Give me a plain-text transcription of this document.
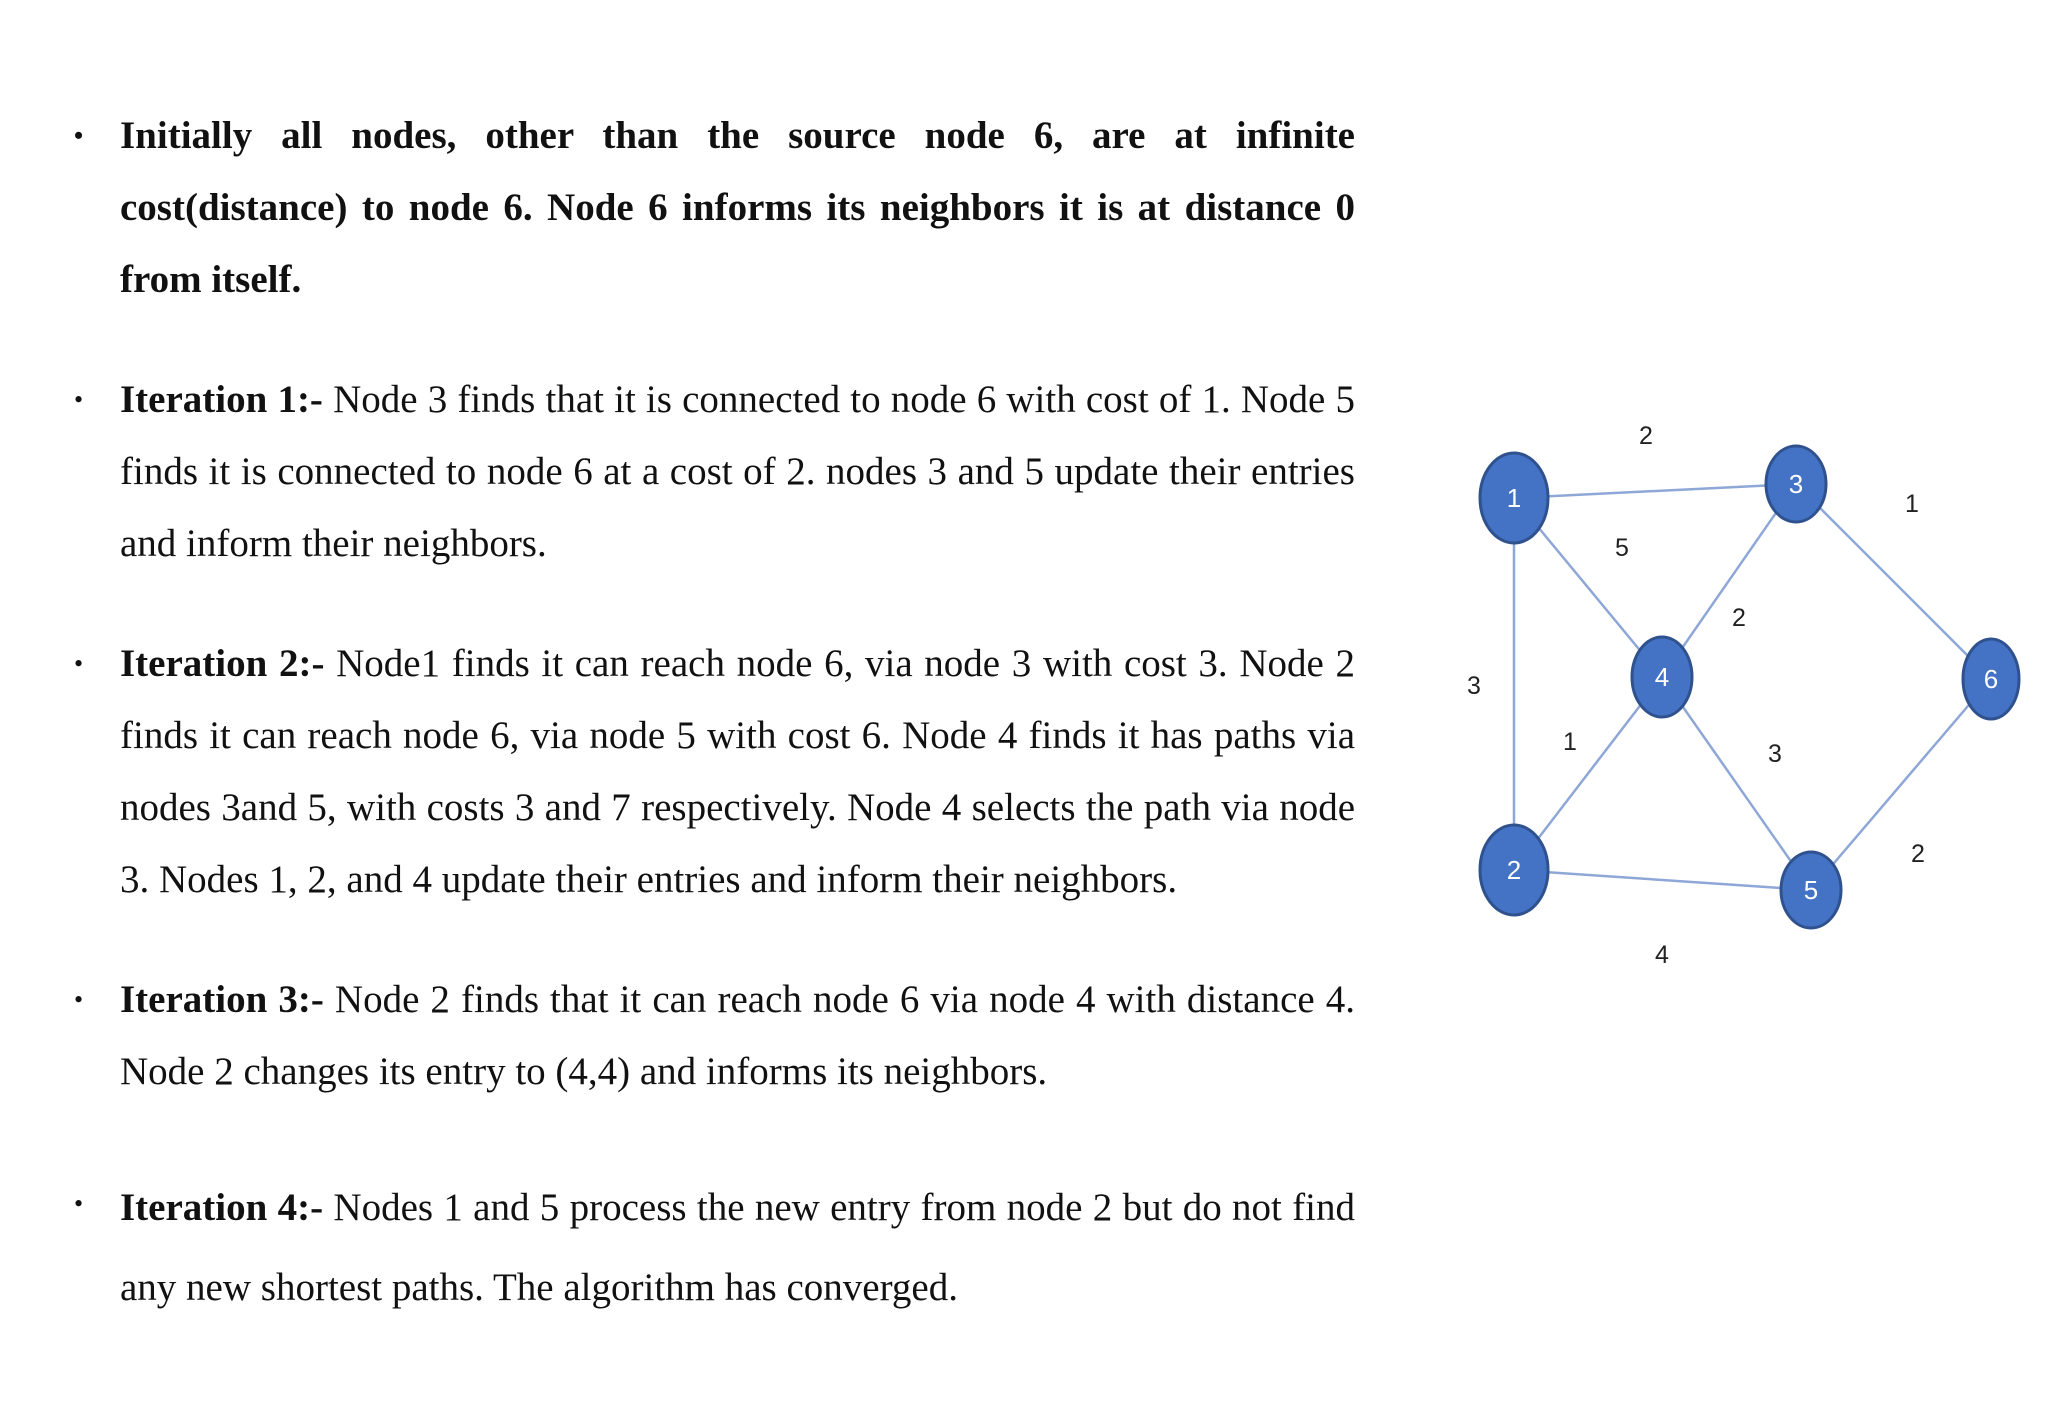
• Initially all nodes, other than the source node 6, are at infinite cost(distance) to node 6. Node 6 informs its neighbors it is at distance 0 from itself.
• Iteration 1:- Node 3 finds that it is connected to node 6 with cost of 1. Node 5 finds it is connected to node 6 at a cost of 2. nodes 3 and 5 update their entries and inform their neighbors.
• Iteration 2:- Node1 finds it can reach node 6, via node 3 with cost 3. Node 2 finds it can reach node 6, via node 5 with cost 6. Node 4 finds it has paths via nodes 3and 5, with costs 3 and 7 respectively. Node 4 selects the path via node 3. Nodes 1, 2, and 4 update their entries and inform their neighbors.
• Iteration 3:- Node 2 finds that it can reach node 6 via node 4 with distance 4. Node 2 changes its entry to (4,4) and informs its neighbors.
• Iteration 4:- Nodes 1 and 5 process the new entry from node 2 but do not find any new shortest paths. The algorithm has converged.
2
5
3
2
1
1	3
4
2
1
2
3
4
5
6
